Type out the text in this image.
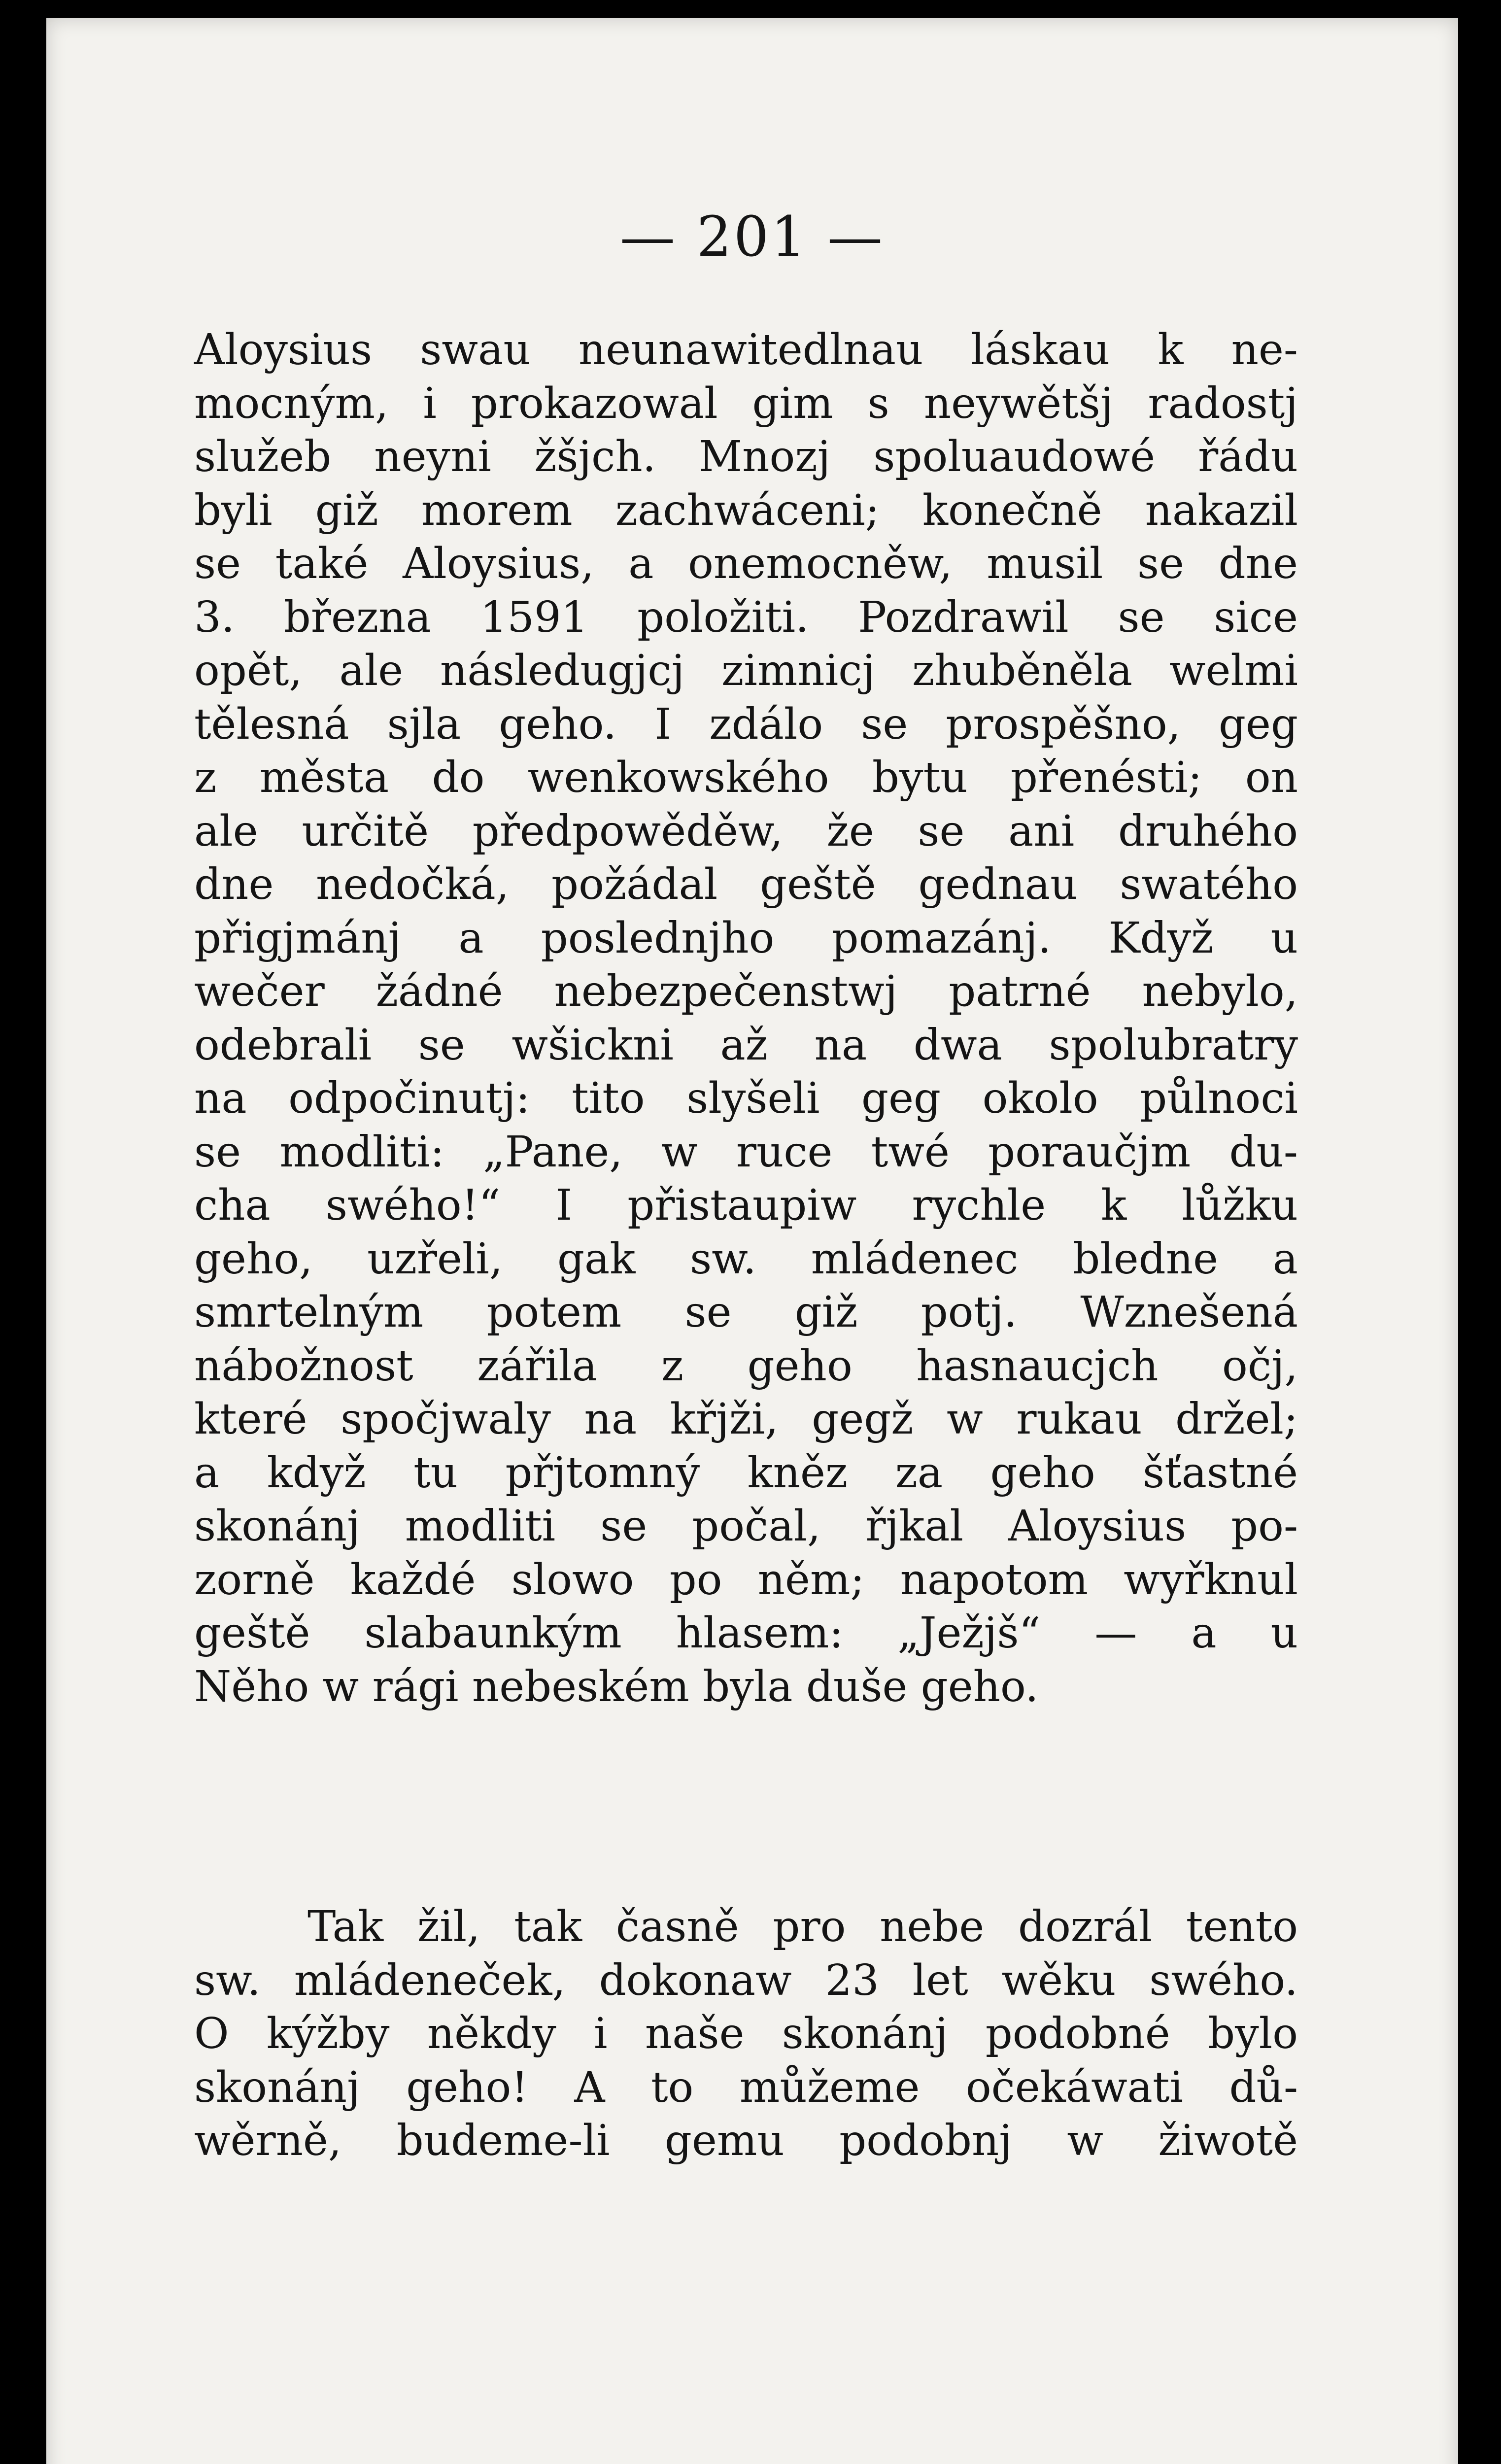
— 201 —
Aloysius swau neunawitedlnau láskau k ne-
mocným, i prokazowal gim s neywětšj radostj
služeb neyni žšjch. Mnozj spoluaudowé řádu
byli giž morem zachwáceni; konečně nakazil
se také Aloysius, a onemocněw, musil se dne
3. března 1591 položiti. Pozdrawil se sice
opět, ale následugjcj zimnicj zhuběněla welmi
tělesná sjla geho. I zdálo se prospěšno, geg
z města do wenkowského bytu přenésti; on
ale určitě předpowěděw, že se ani druhého
dne nedočká, požádal geště gednau swatého
přigjmánj a poslednjho pomazánj. Když u
wečer žádné nebezpečenstwj patrné nebylo,
odebrali se wšickni až na dwa spolubratry
na odpočinutj: tito slyšeli geg okolo půlnoci
se modliti: „Pane, w ruce twé poraučjm du-
cha swého!“ I přistaupiw rychle k lůžku
geho, uzřeli, gak sw. mládenec bledne a
smrtelným potem se giž potj. Wznešená
nábožnost zářila z geho hasnaucjch očj,
které spočjwaly na křjži, gegž w rukau držel;
a když tu přjtomný kněz za geho šťastné
skonánj modliti se počal, řjkal Aloysius po-
zorně každé slowo po něm; napotom wyřknul
geště slabaunkým hlasem: „Ježjš“ — a u
Něho w rági nebeském byla duše geho.
Tak žil, tak časně pro nebe dozrál tento
sw. mládeneček, dokonaw 23 let wěku swého.
O kýžby někdy i naše skonánj podobné bylo
skonánj geho! A to můžeme očekáwati dů-
wěrně, budeme-li gemu podobnj w žiwotě
